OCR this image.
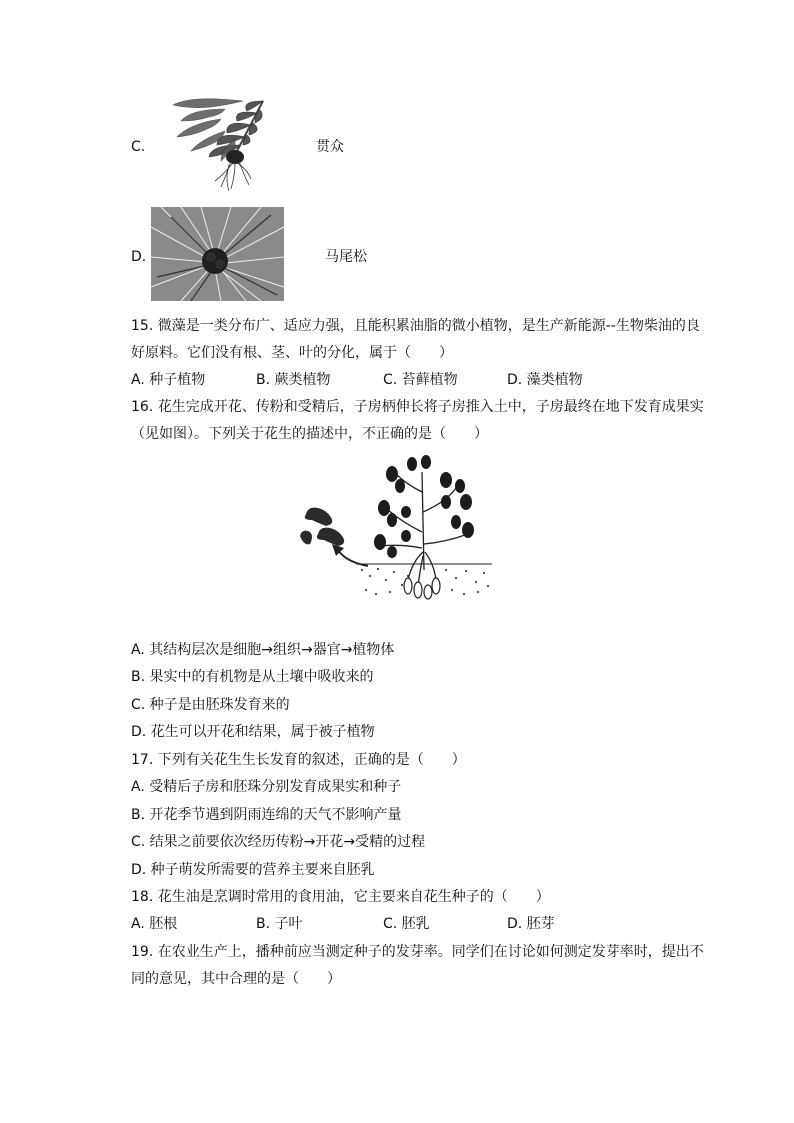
C.	贯众
D.	马尾松
15. 微藻是一类分布广、适应力强，且能积累油脂的微小植物，是生产新能源--生物柴油的良
好原料。它们没有根、茎、叶的分化，属于（　　）
A. 种子植物	B. 蕨类植物	C. 苔藓植物	D. 藻类植物
16. 花生完成开花、传粉和受精后，子房柄伸长将子房推入土中，子房最终在地下发育成果实
（见如图）。下列关于花生的描述中，不正确的是（　　）
A. 其结构层次是细胞→组织→器官→植物体
B. 果实中的有机物是从土壤中吸收来的
C. 种子是由胚珠发育来的
D. 花生可以开花和结果，属于被子植物
17. 下列有关花生生长发育的叙述，正确的是（　　）
A. 受精后子房和胚珠分别发育成果实和种子
B. 开花季节遇到阴雨连绵的天气不影响产量
C. 结果之前要依次经历传粉→开花→受精的过程
D. 种子萌发所需要的营养主要来自胚乳
18. 花生油是烹调时常用的食用油，它主要来自花生种子的（　　）
A. 胚根	B. 子叶	C. 胚乳	D. 胚芽
19. 在农业生产上，播种前应当测定种子的发芽率。同学们在讨论如何测定发芽率时，提出不
同的意见，其中合理的是（　　）
